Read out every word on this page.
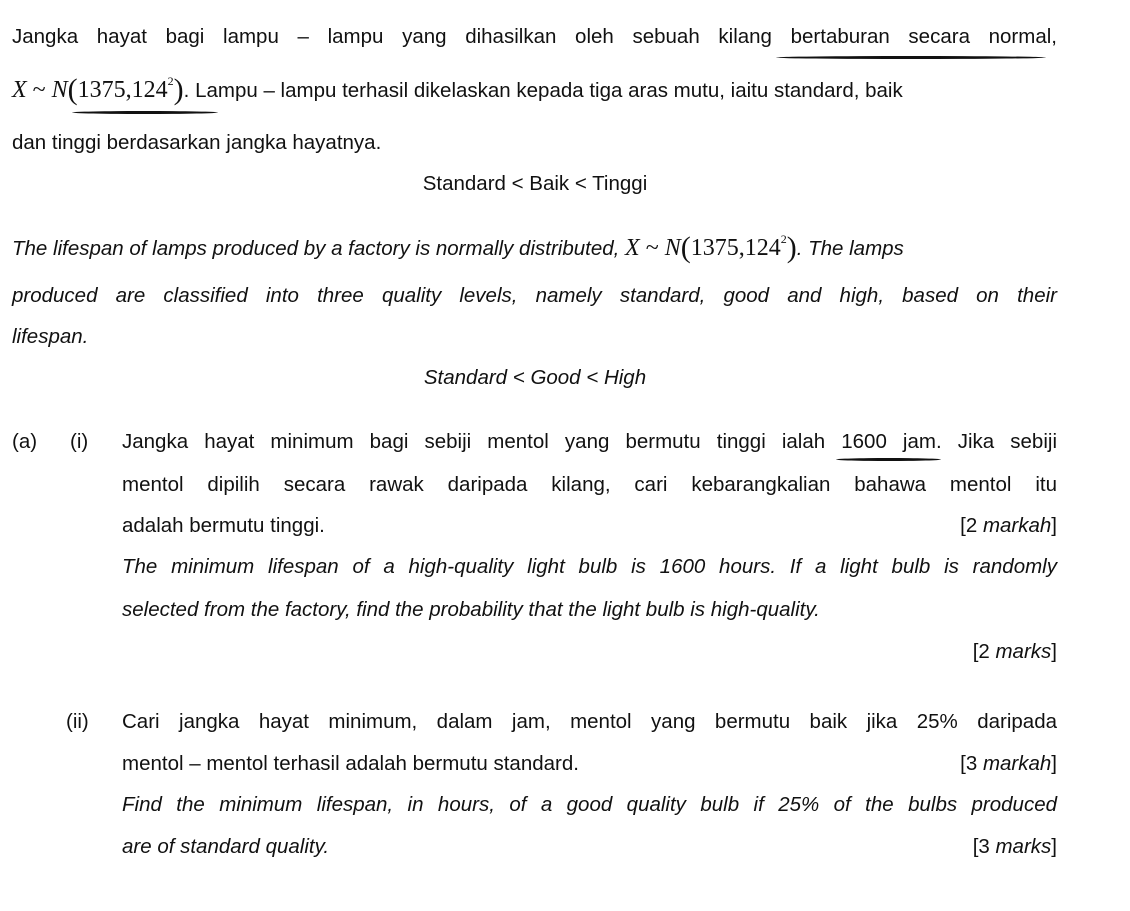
Jangka hayat bagi lampu – lampu yang dihasilkan oleh sebuah kilang bertaburan secara normal,
X ~ N(1375,124$^2$). Lampu – lampu terhasil dikelaskan kepada tiga aras mutu, iaitu standard, baik
dan tinggi berdasarkan jangka hayatnya.
Standard < Baik < Tinggi
The lifespan of lamps produced by a factory is normally distributed, X ~ N(1375,124$^2$). The lamps
produced are classified into three quality levels, namely standard, good and high, based on their
lifespan.
Standard < Good < High
(a) (i) Jangka hayat minimum bagi sebiji mentol yang bermutu tinggi ialah 1600 jam. Jika sebiji
mentol dipilih secara rawak daripada kilang, cari kebarangkalian bahawa mentol itu
adalah bermutu tinggi.	[2 markah]
The minimum lifespan of a high-quality light bulb is 1600 hours. If a light bulb is randomly
selected from the factory, find the probability that the light bulb is high-quality.
[2 marks]
(ii) Cari jangka hayat minimum, dalam jam, mentol yang bermutu baik jika 25% daripada
mentol – mentol terhasil adalah bermutu standard.	[3 markah]
Find the minimum lifespan, in hours, of a good quality bulb if 25% of the bulbs produced
are of standard quality.	[3 marks]
